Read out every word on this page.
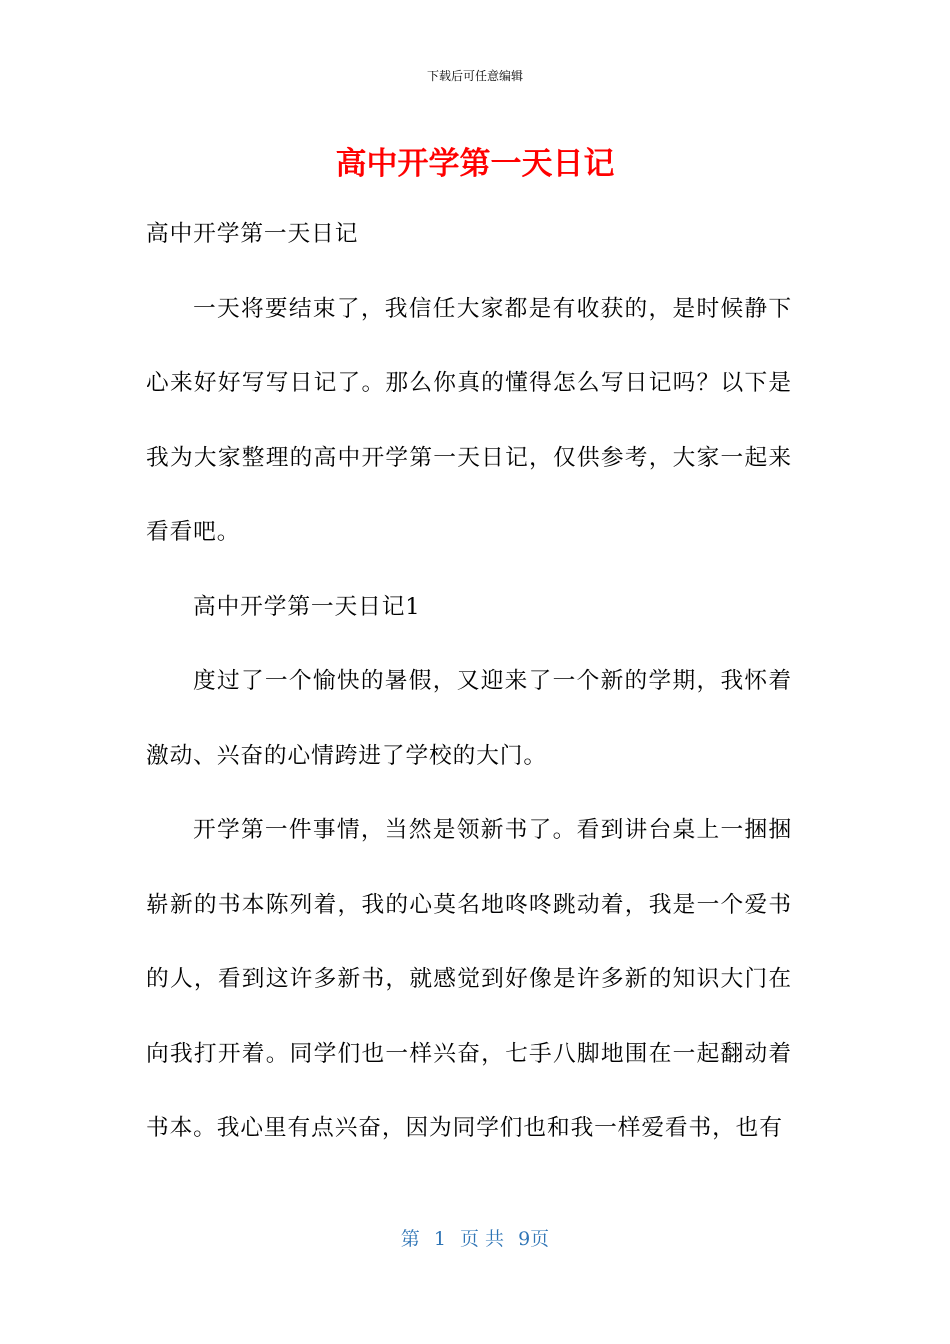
下载后可任意编辑
高中开学第一天日记

高中开学第一天日记

一天将要结束了，我信任大家都是有收获的，是时候静下心来好好写写日记了。那么你真的懂得怎么写日记吗？以下是我为大家整理的高中开学第一天日记，仅供参考，大家一起来看看吧。

高中开学第一天日记1

度过了一个愉快的暑假，又迎来了一个新的学期，我怀着激动、兴奋的心情跨进了学校的大门。

开学第一件事情，当然是领新书了。看到讲台桌上一捆捆崭新的书本陈列着，我的心莫名地咚咚跳动着，我是一个爱书的人，看到这许多新书，就感觉到好像是许多新的知识大门在向我打开着。同学们也一样兴奋，七手八脚地围在一起翻动着书本。我心里有点兴奋，因为同学们也和我一样爱看书，也有

第 1 页 共 9页
